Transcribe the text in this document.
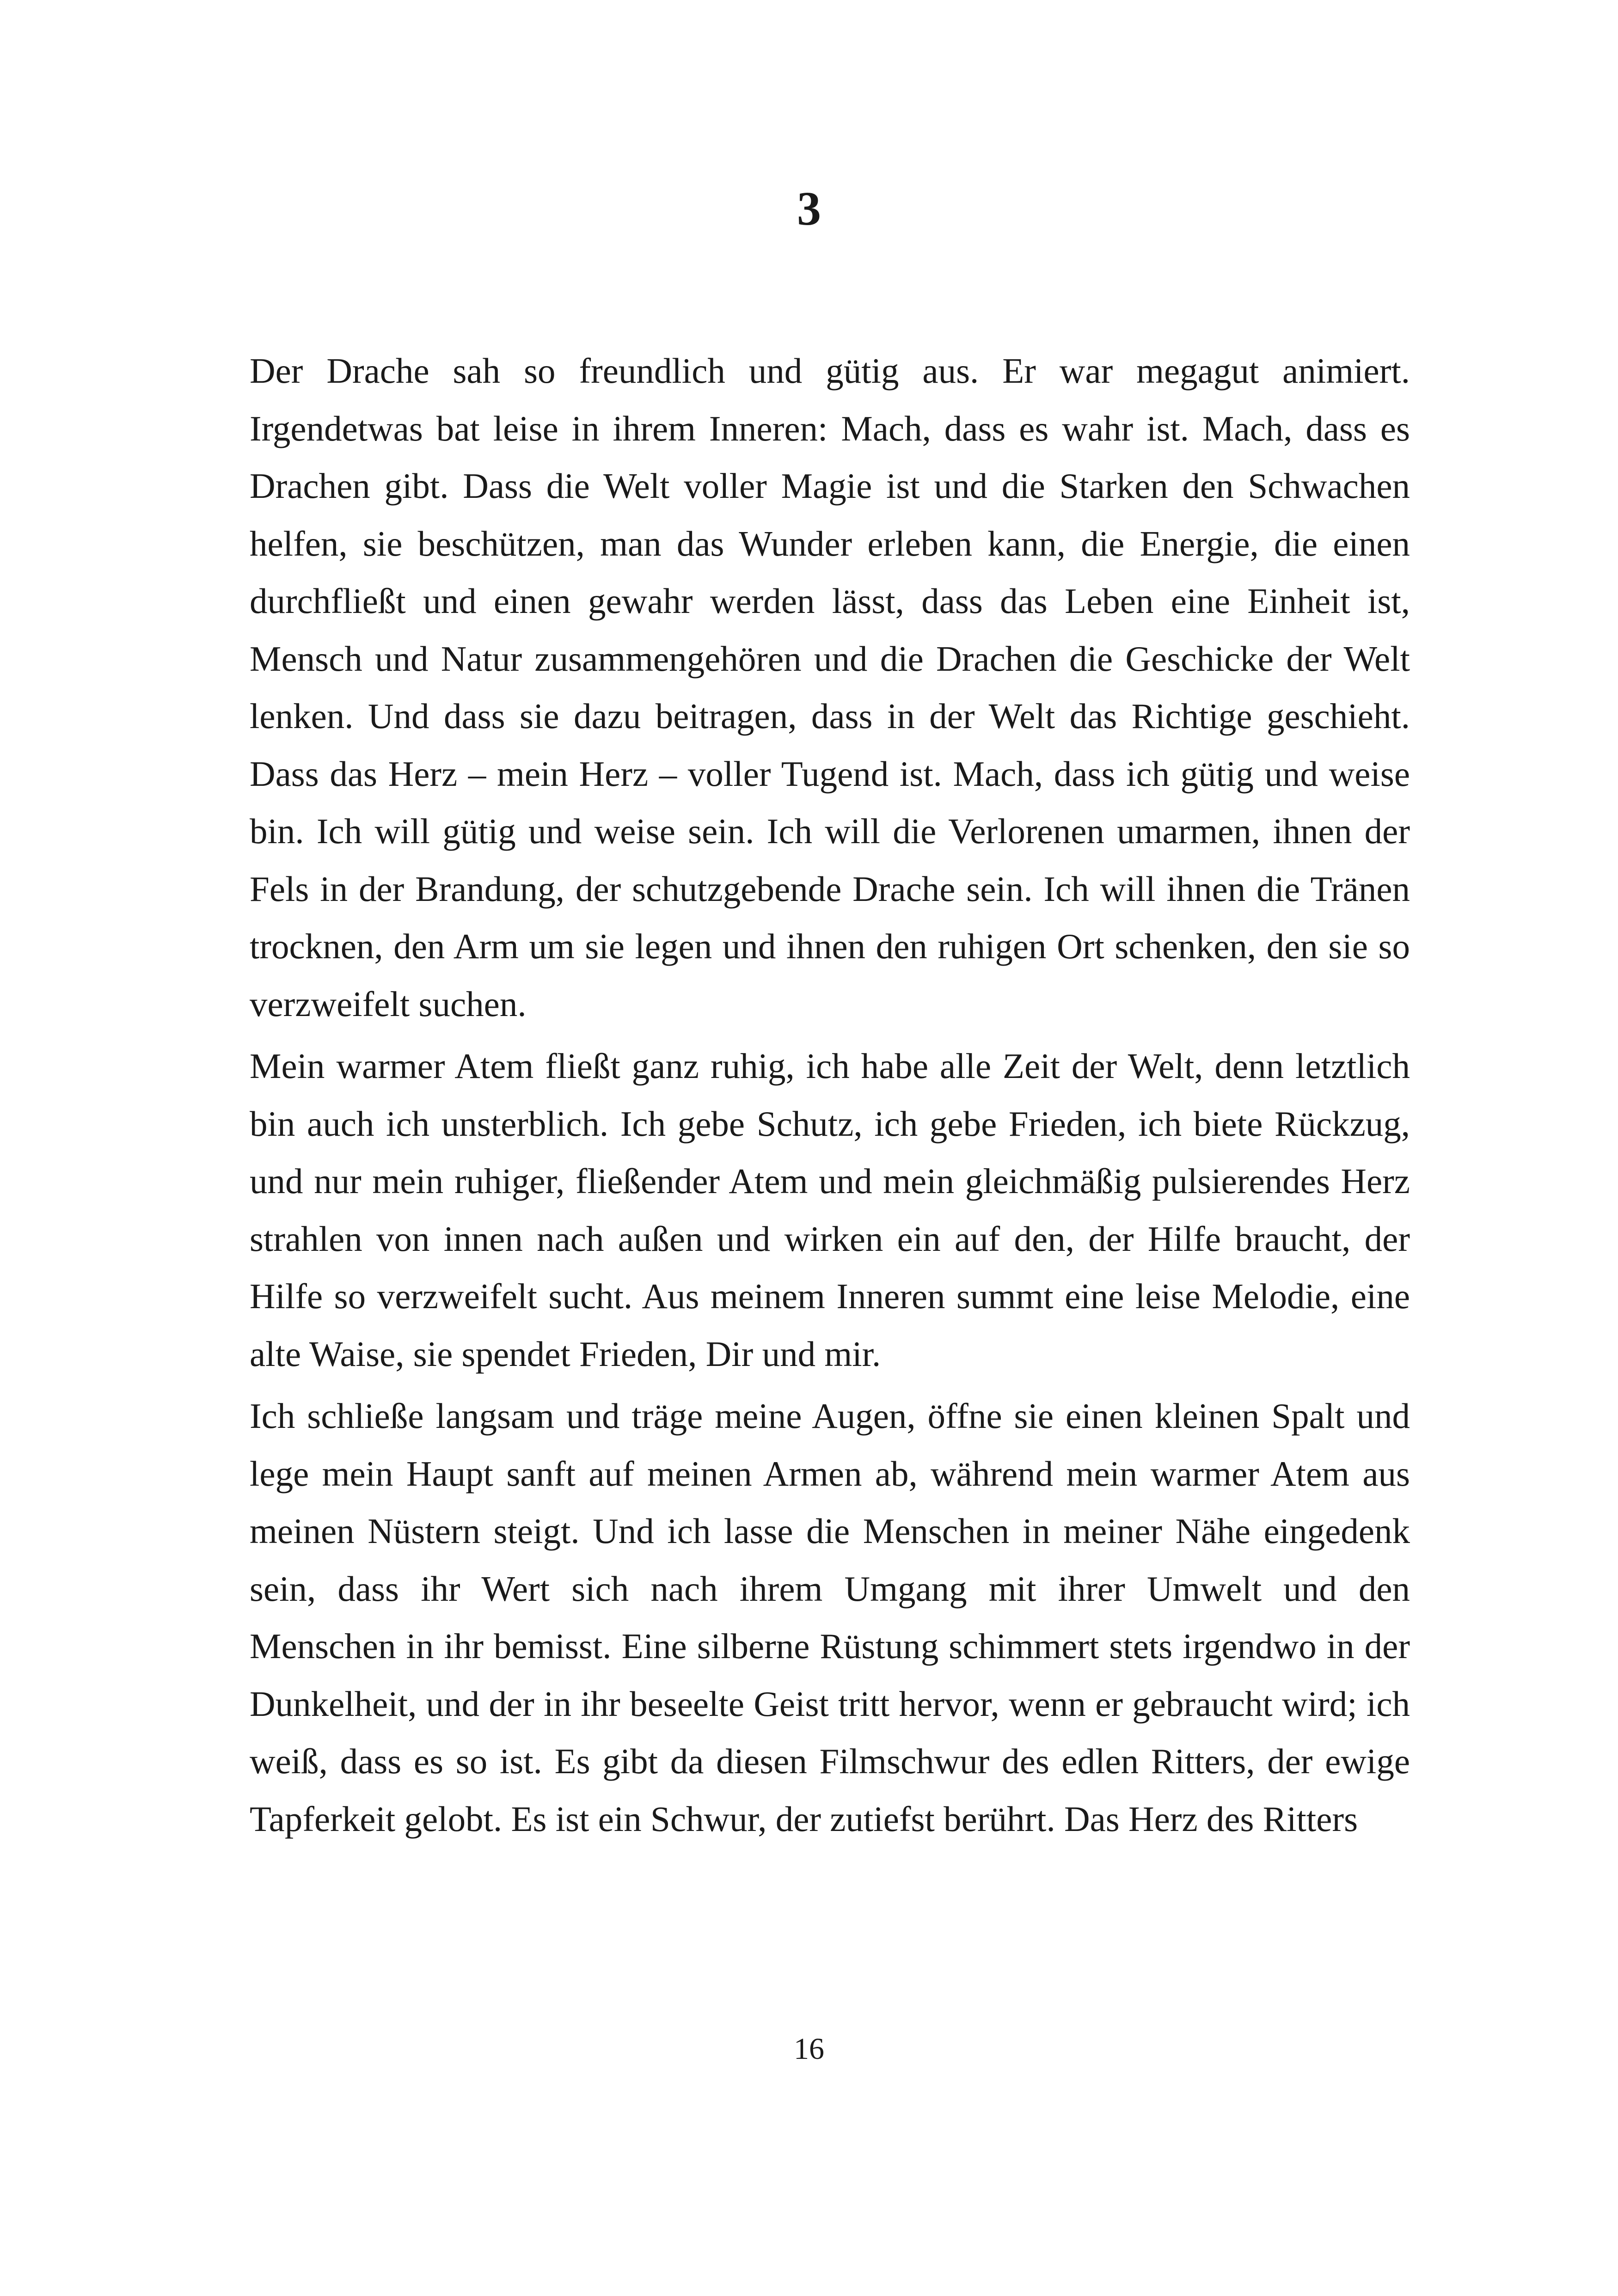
3

Der Drache sah so freundlich und gütig aus. Er war megagut animiert. Irgendetwas bat leise in ihrem Inneren: Mach, dass es wahr ist. Mach, dass es Drachen gibt. Dass die Welt voller Magie ist und die Starken den Schwachen helfen, sie beschützen, man das Wunder erleben kann, die Energie, die einen durchfließt und einen gewahr werden lässt, dass das Leben eine Einheit ist, Mensch und Natur zusammengehören und die Drachen die Geschicke der Welt lenken. Und dass sie dazu beitragen, dass in der Welt das Richtige geschieht. Dass das Herz – mein Herz – voller Tugend ist. Mach, dass ich gütig und weise bin. Ich will gütig und weise sein. Ich will die Verlorenen umarmen, ihnen der Fels in der Brandung, der schutzgebende Drache sein. Ich will ihnen die Tränen trocknen, den Arm um sie legen und ihnen den ruhigen Ort schenken, den sie so verzweifelt suchen.

Mein warmer Atem fließt ganz ruhig, ich habe alle Zeit der Welt, denn letztlich bin auch ich unsterblich. Ich gebe Schutz, ich gebe Frieden, ich biete Rückzug, und nur mein ruhiger, fließender Atem und mein gleichmäßig pulsierendes Herz strahlen von innen nach außen und wirken ein auf den, der Hilfe braucht, der Hilfe so verzweifelt sucht. Aus meinem Inneren summt eine leise Melodie, eine alte Waise, sie spendet Frieden, Dir und mir.

Ich schließe langsam und träge meine Augen, öffne sie einen kleinen Spalt und lege mein Haupt sanft auf meinen Armen ab, während mein warmer Atem aus meinen Nüstern steigt. Und ich lasse die Menschen in meiner Nähe eingedenk sein, dass ihr Wert sich nach ihrem Umgang mit ihrer Umwelt und den Menschen in ihr bemisst. Eine silberne Rüstung schimmert stets irgendwo in der Dunkelheit, und der in ihr beseelte Geist tritt hervor, wenn er gebraucht wird; ich weiß, dass es so ist. Es gibt da diesen Filmschwur des edlen Ritters, der ewige Tapferkeit gelobt. Es ist ein Schwur, der zutiefst berührt. Das Herz des Ritters

16
